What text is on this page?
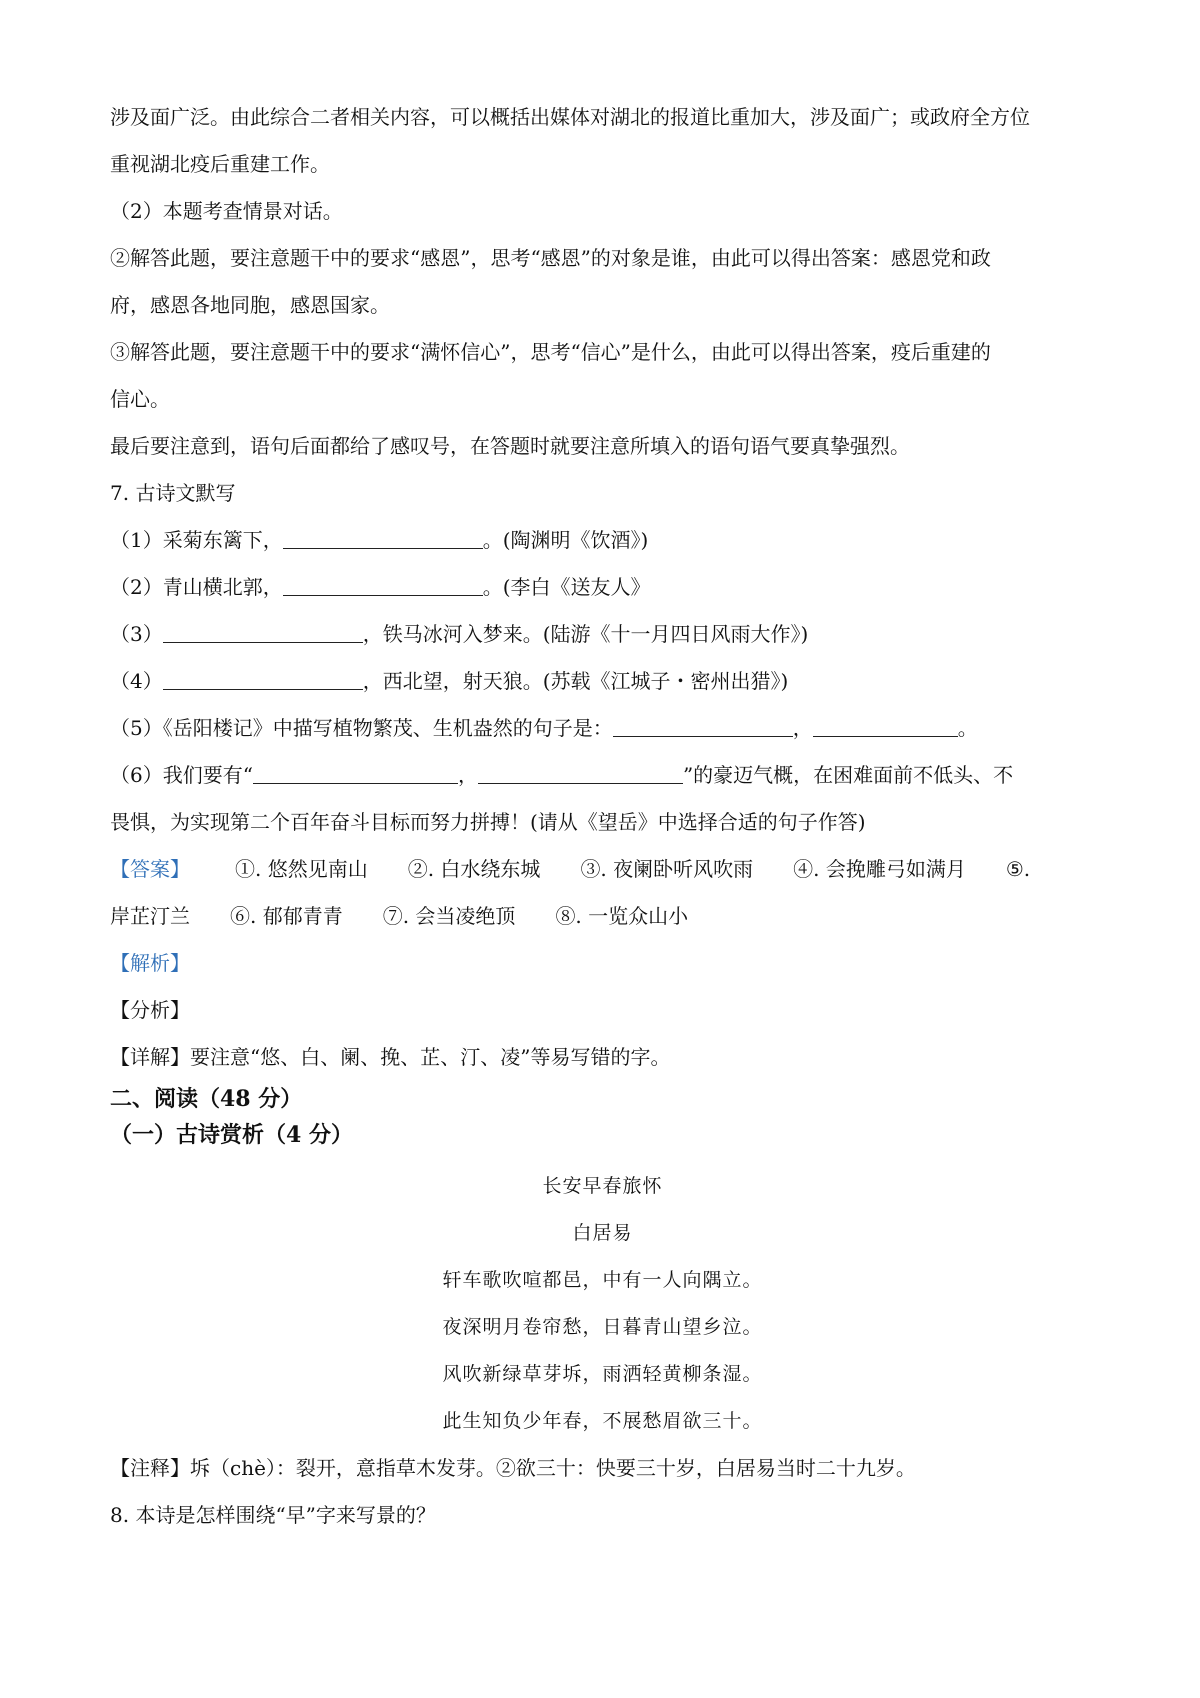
涉及面广泛。由此综合二者相关内容，可以概括出媒体对湖北的报道比重加大，涉及面广；或政府全方位
重视湖北疫后重建工作。
（2）本题考查情景对话。
②解答此题，要注意题干中的要求“感恩”，思考“感恩”的对象是谁，由此可以得出答案：感恩党和政
府，感恩各地同胞，感恩国家。
③解答此题，要注意题干中的要求“满怀信心”，思考“信心”是什么，由此可以得出答案，疫后重建的
信心。
最后要注意到，语句后面都给了感叹号，在答题时就要注意所填入的语句语气要真挚强烈。
7. 古诗文默写
（1）采菊东篱下，	。(陶渊明《饮酒》)
（2）青山横北郭，	。(李白《送友人》
（3）	，铁马冰河入梦来。(陆游《十一月四日风雨大作》)
（4）	，西北望，射天狼。(苏载《江城子・密州出猎》)
（5）《岳阳楼记》中描写植物繁茂、生机盎然的句子是：	，	。
（6）我们要有“	，	”的豪迈气概，在困难面前不低头、不
畏惧，为实现第二个百年奋斗目标而努力拼搏！(请从《望岳》中选择合适的句子作答)
【答案】 ①. 悠然见南山 ②. 白水绕东城 ③. 夜阑卧听风吹雨 ④. 会挽雕弓如满月 ⑤.
岸芷汀兰 ⑥. 郁郁青青 ⑦. 会当凌绝顶 ⑧. 一览众山小
【解析】
【分析】
【详解】要注意“悠、白、阑、挽、芷、汀、凌”等易写错的字。
二、阅读（48 分）
（一）古诗赏析（4 分）
长安早春旅怀
白居易
轩车歌吹喧都邑，中有一人向隅立。
夜深明月卷帘愁，日暮青山望乡泣。
风吹新绿草芽坼，雨洒轻黄柳条湿。
此生知负少年春，不展愁眉欲三十。
【注释】坼（chè）：裂开，意指草木发芽。②欲三十：快要三十岁，白居易当时二十九岁。
8. 本诗是怎样围绕“早”字来写景的？
